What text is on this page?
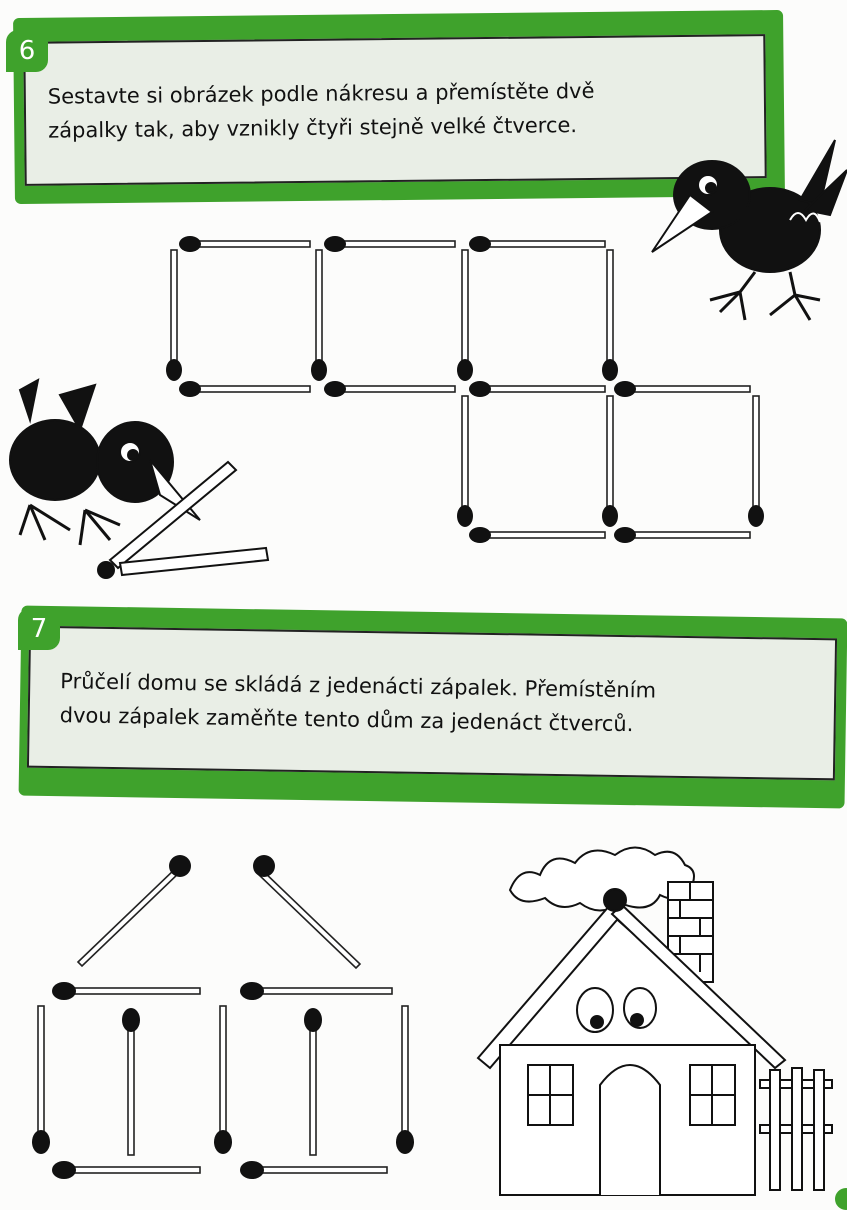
Sestavte si obrázek podle nákresu a přemístěte dvě
zápalky tak, aby vznikly čtyři stejně velké čtverce.
6
Průčelí domu se skládá z jedenácti zápalek. Přemístěním
dvou zápalek zaměňte tento dům za jedenáct čtverců.
7
